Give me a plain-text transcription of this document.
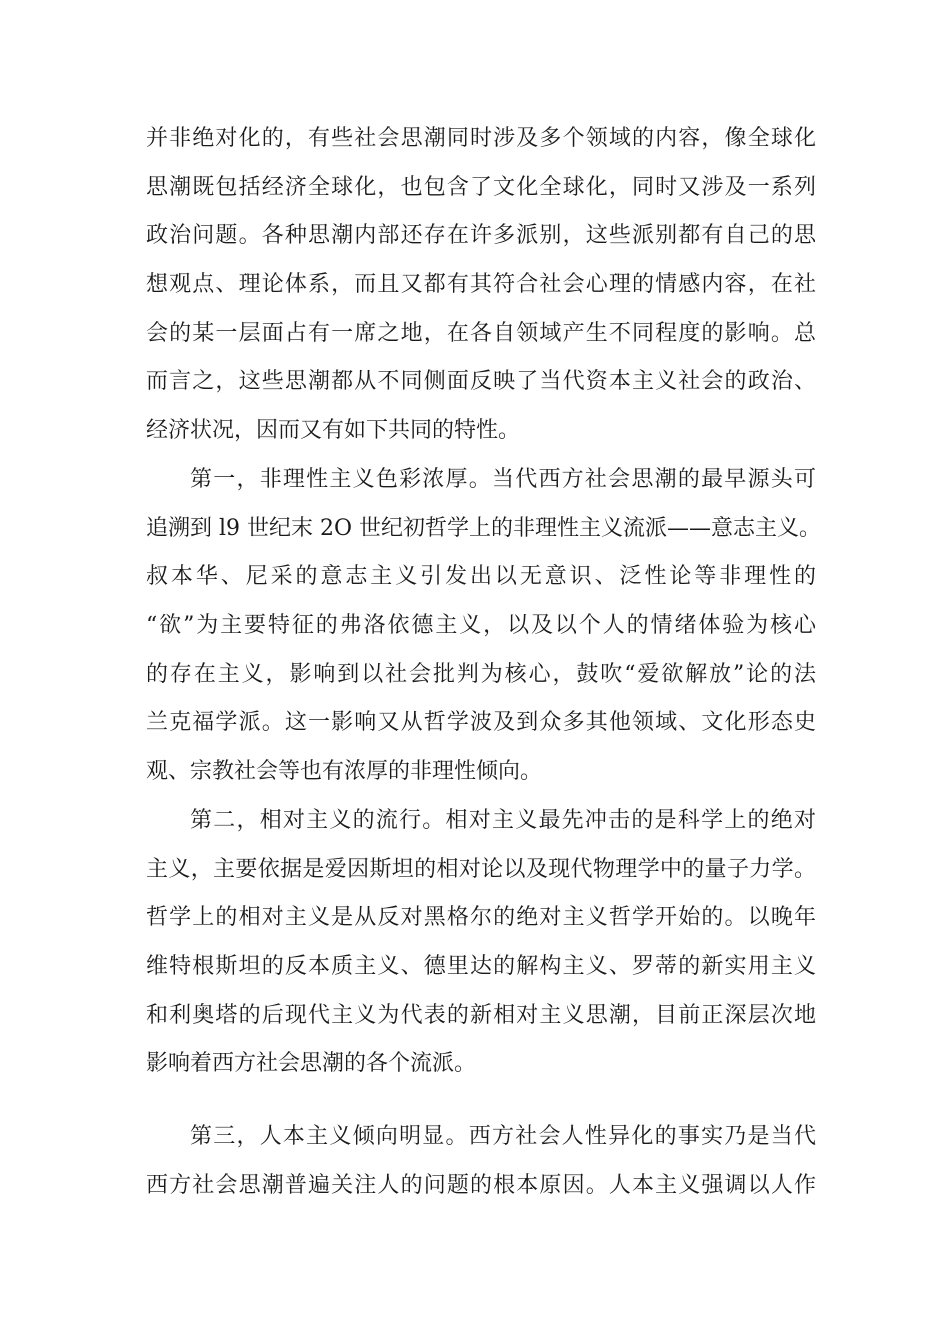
并非绝对化的，有些社会思潮同时涉及多个领域的内容，像全球化
思潮既包括经济全球化，也包含了文化全球化，同时又涉及一系列
政治问题。各种思潮内部还存在许多派别，这些派别都有自己的思
想观点、理论体系，而且又都有其符合社会心理的情感内容，在社
会的某一层面占有一席之地，在各自领域产生不同程度的影响。总
而言之，这些思潮都从不同侧面反映了当代资本主义社会的政治、
经济状况，因而又有如下共同的特性。
第一，非理性主义色彩浓厚。当代西方社会思潮的最早源头可
追溯到 l9 世纪末 2O 世纪初哲学上的非理性主义流派——意志主义。
叔本华、尼采的意志主义引发出以无意识、泛性论等非理性的
“欲”为主要特征的弗洛依德主义，以及以个人的情绪体验为核心
的存在主义，影响到以社会批判为核心，鼓吹“爱欲解放”论的法
兰克福学派。这一影响又从哲学波及到众多其他领域、文化形态史
观、宗教社会等也有浓厚的非理性倾向。
第二，相对主义的流行。相对主义最先冲击的是科学上的绝对
主义，主要依据是爱因斯坦的相对论以及现代物理学中的量子力学。
哲学上的相对主义是从反对黑格尔的绝对主义哲学开始的。以晚年
维特根斯坦的反本质主义、德里达的解构主义、罗蒂的新实用主义
和利奥塔的后现代主义为代表的新相对主义思潮，目前正深层次地
影响着西方社会思潮的各个流派。
第三，人本主义倾向明显。西方社会人性异化的事实乃是当代
西方社会思潮普遍关注人的问题的根本原因。人本主义强调以人作
